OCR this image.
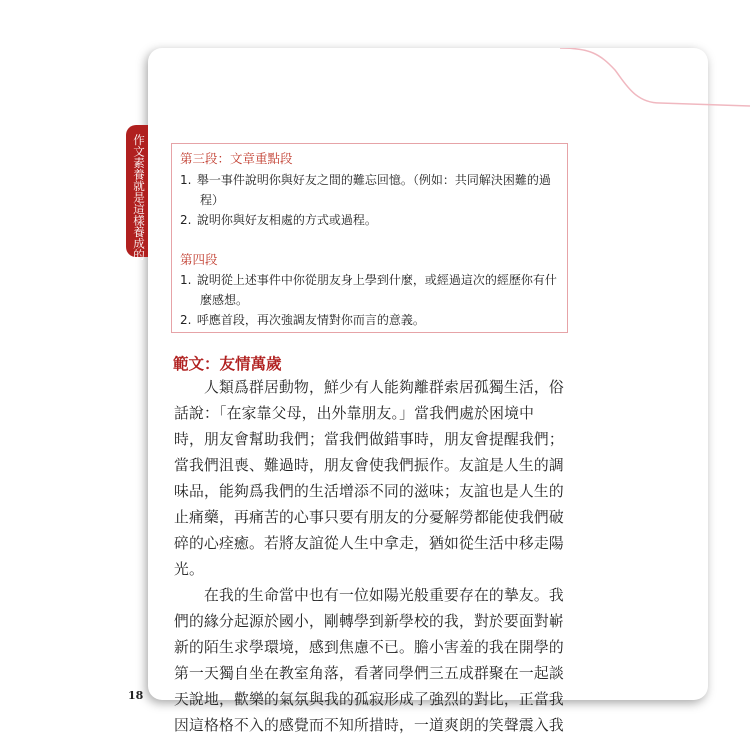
作文素養就是這樣養成的	第三段：文章重點段
1. 舉一事件說明你與好友之間的難忘回憶。（例如：共同解決困難的過
程）
2. 說明你與好友相處的方式或過程。
第四段
1. 說明從上述事件中你從朋友身上學到什麼，或經過這次的經歷你有什
麼感想。
2. 呼應首段，再次強調友情對你而言的意義。
範文：友情萬歲
　　人類爲群居動物，鮮少有人能夠離群索居孤獨生活，俗
話說：「在家靠父母，出外靠朋友。」當我們處於困境中
時，朋友會幫助我們；當我們做錯事時，朋友會提醒我們；
當我們沮喪、難過時，朋友會使我們振作。友誼是人生的調
味品，能夠爲我們的生活增添不同的滋味；友誼也是人生的
止痛藥，再痛苦的心事只要有朋友的分憂解勞都能使我們破
碎的心痊癒。若將友誼從人生中拿走，猶如從生活中移走陽
光。
　　在我的生命當中也有一位如陽光般重要存在的摯友。我
們的緣分起源於國小，剛轉學到新學校的我，對於要面對嶄
新的陌生求學環境，感到焦慮不已。膽小害羞的我在開學的
第一天獨自坐在教室角落，看著同學們三五成群聚在一起談
天說地，歡樂的氣氛與我的孤寂形成了強烈的對比，正當我
因這格格不入的感覺而不知所措時，一道爽朗的笑聲震入我
18
